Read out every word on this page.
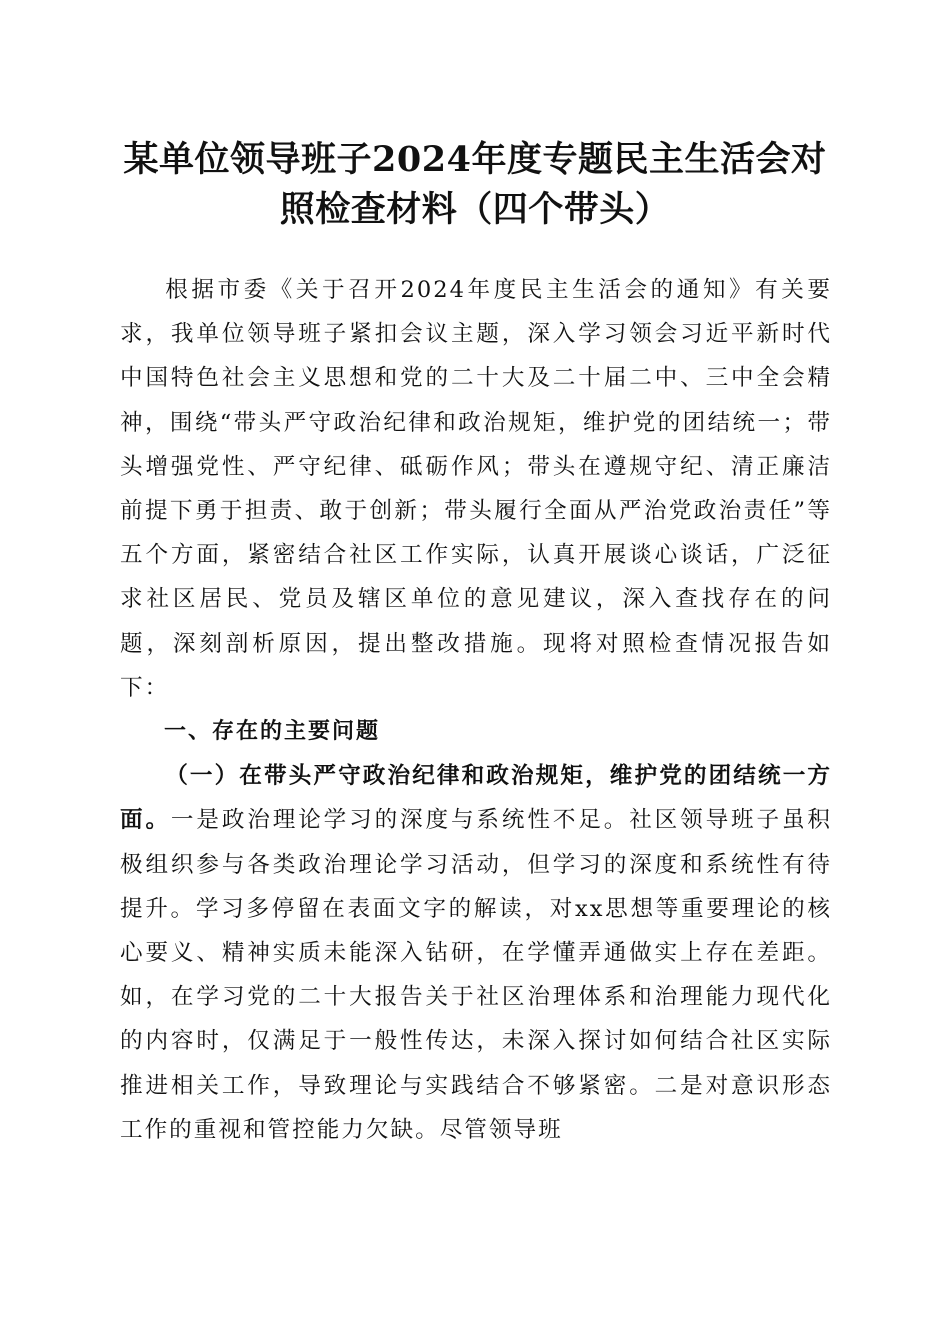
某单位领导班子2024年度专题民主生活会对
照检查材料（四个带头）

根据市委《关于召开2024年度民主生活会的通知》有关要求，我单位领导班子紧扣会议主题，深入学习领会习近平新时代中国特色社会主义思想和党的二十大及二十届二中、三中全会精神，围绕“带头严守政治纪律和政治规矩，维护党的团结统一；带头增强党性、严守纪律、砥砺作风；带头在遵规守纪、清正廉洁前提下勇于担责、敢于创新；带头履行全面从严治党政治责任”等五个方面，紧密结合社区工作实际，认真开展谈心谈话，广泛征求社区居民、党员及辖区单位的意见建议，深入查找存在的问题，深刻剖析原因，提出整改措施。现将对照检查情况报告如下：

一、存在的主要问题

（一）在带头严守政治纪律和政治规矩，维护党的团结统一方面。一是政治理论学习的深度与系统性不足。社区领导班子虽积极组织参与各类政治理论学习活动，但学习的深度和系统性有待提升。学习多停留在表面文字的解读，对xx思想等重要理论的核心要义、精神实质未能深入钻研，在学懂弄通做实上存在差距。如，在学习党的二十大报告关于社区治理体系和治理能力现代化的内容时，仅满足于一般性传达，未深入探讨如何结合社区实际推进相关工作，导致理论与实践结合不够紧密。二是对意识形态工作的重视和管控能力欠缺。尽管领导班
